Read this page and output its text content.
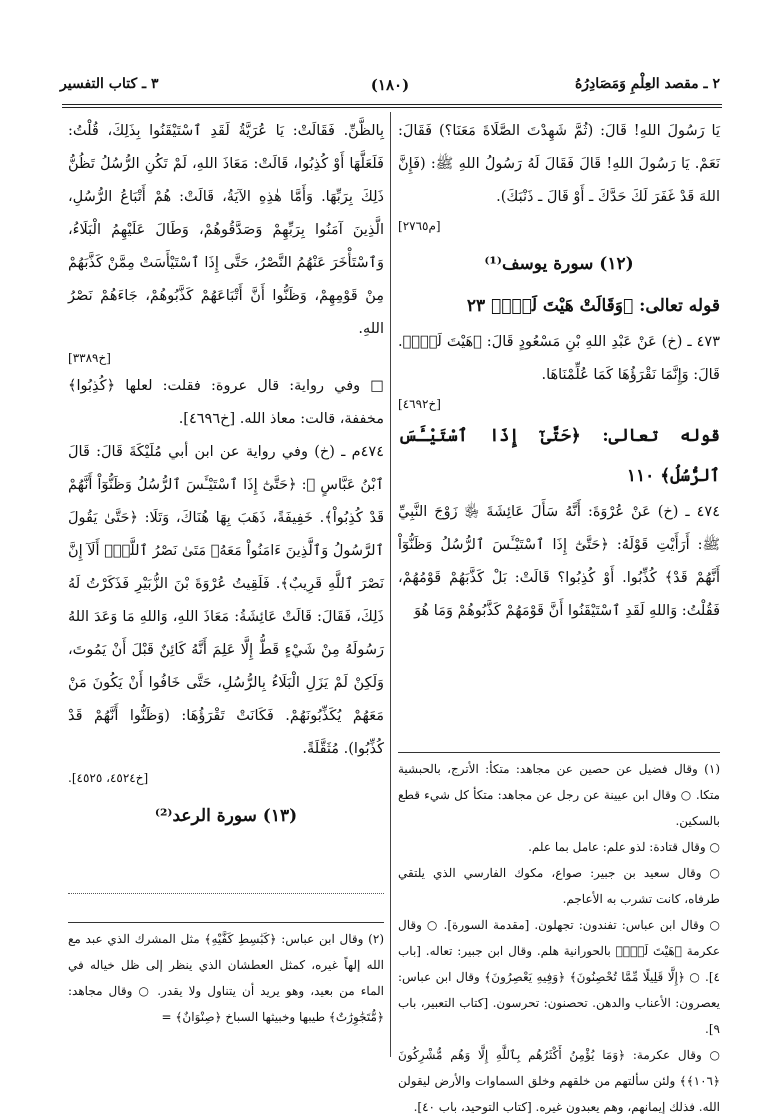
٢ ـ مقصد العِلْمِ وَمَصَادِرُهُ
(١٨٠)
٣ ـ كتاب التفسير

يَا رَسُولَ اللهِ! قَالَ: (ثُمَّ شَهِدْتَ الصَّلَاةَ مَعَنَا؟) فَقَالَ: نَعَمْ. يَا رَسُولَ اللهِ! قَالَ فَقَالَ لَهُ رَسُولُ اللهِ ﷺ: (فَإِنَّ اللهَ قَدْ غَفَرَ لَكَ حَدَّكَ ـ أَوْ قَالَ ـ ذَنْبَكَ).

[م٢٧٦٥]
(١٢) سورة يوسف⁽¹⁾

قوله تعالى: ﴿وَقَالَتْ هَيْتَ لَكَۚ﴾ ٢٣

٤٧٣ ـ (خ) عَنْ عَبْدِ اللهِ بْنِ مَسْعُودٍ قَالَ: ﴿هَيْتَ لَكَۚ﴾. قَالَ: وَإِنَّمَا نَقْرَؤُهَا كَمَا عُلِّمْنَاهَا.

[خ٤٦٩٢]

قوله تعالى: ﴿حَتَّىٰٓ إِذَا ٱسْتَيْـَٔسَ ٱلرُّسُلُ﴾ ١١٠

٤٧٤ ـ (خ) عَنْ عُرْوَةَ: أَنَّهُ سَأَلَ عَائِشَةَ ﵂ زَوْجَ النَّبِيِّ ﷺ: أَرَأَيْتِ قَوْلَهُ: ﴿حَتَّىٰٓ إِذَا ٱسْتَيْـَٔسَ ٱلرُّسُلُ وَظَنُّوٓاْ أَنَّهُمْ قَدْ﴾ كُذِّبُوا. أَوْ كُذِبُوا؟ قَالَتْ: بَلْ كَذَّبَهُمْ قَوْمُهُمْ، فَقُلْتُ: وَاللهِ لَقَدِ ٱسْتَيْقَنُوا أَنَّ قَوْمَهُمْ كَذَّبُوهُمْ وَمَا هُوَ

(١) وقال فضيل عن حصين عن مجاهد: متكأ: الأترج، بالحبشية متكا. ○ وقال ابن عيينة عن رجل عن مجاهد: متكأ كل شيء قطع بالسكين.

○ وقال قتادة: لذو علم: عامل بما علم.

○ وقال سعيد بن جبير: صواع، مكوك الفارسي الذي يلتقي طرفاه، كانت تشرب به الأعاجم.

○ وقال ابن عباس: تفندون: تجهلون. [مقدمة السورة]. ○ وقال عكرمة ﴿هَيْتَ لَكَۚ﴾ بالحورانية هلم. وقال ابن جبير: تعاله. [باب ٤]. ○ ﴿إِلَّا قَلِيلًا مِّمَّا تُحْصِنُونَ﴾ ﴿وَفِيهِ يَعْصِرُونَ﴾ وقال ابن عباس: يعصرون: الأعناب والدهن. تحصنون: تحرسون. [كتاب التعبير، باب ٩].

○ وقال عكرمة: ﴿وَمَا يُؤْمِنُ أَكْثَرُهُم بِٱللَّهِ إِلَّا وَهُم مُّشْرِكُونَ ﴿١٠٦﴾﴾ ولئن سألتهم من خلقهم وخلق السماوات والأرض ليقولن الله. فذلك إيمانهم، وهم يعبدون غيره. [كتاب التوحيد، باب ٤٠].

بِالظَّنِّ. فَقَالَتْ: يَا عُرَيَّةُ لَقَدِ ٱسْتَيْقَنُوا بِذَلِكَ، قُلْتُ: فَلَعَلَّهَا أَوْ كُذِبُوا، قَالَتْ: مَعَاذَ اللهِ، لَمْ تَكُنِ الرُّسُلُ تَظُنُّ ذَلِكَ بِرَبِّهَا. وَأَمَّا هٰذِهِ الآيَةُ، قَالَتْ: هُمْ أَتْبَاعُ الرُّسُلِ، الَّذِينَ آمَنُوا بِرَبِّهِمْ وَصَدَّقُوهُمْ، وَطَالَ عَلَيْهِمُ الْبَلَاءُ، وَٱسْتَأْخَرَ عَنْهُمُ النَّصْرُ، حَتَّى إِذَا ٱسْتَيْأَسَتْ مِمَّنْ كَذَّبَهُمْ مِنْ قَوْمِهِمْ، وَظَنُّوا أَنَّ أَتْبَاعَهُمْ كَذَّبُوهُمْ، جَاءَهُمْ نَصْرُ اللهِ.

[خ٣٣٨٩]

□ وفي رواية: قال عروة: فقلت: لعلها ﴿كُذِبُوا﴾ مخففة، قالت: معاذ الله. [خ٤٦٩٦].

٤٧٤م ـ (خ) وفي رواية عن ابن أبي مُلَيْكَةَ قَالَ: قَالَ ٱبْنُ عَبَّاسٍ ﵄: ﴿حَتَّىٰٓ إِذَا ٱسْتَيْـَٔسَ ٱلرُّسُلُ وَظَنُّوٓاْ أَنَّهُمْ قَدْ كُذِبُواْ﴾. خَفِيفَةً، ذَهَبَ بِهَا هُنَاكَ، وَتَلَا: ﴿حَتَّىٰ يَقُولَ ٱلرَّسُولُ وَٱلَّذِينَ ءَامَنُواْ مَعَهُۥ مَتَىٰ نَصْرُ ٱللَّهِۗ أَلَآ إِنَّ نَصْرَ ٱللَّهِ قَرِيبٌ﴾. فَلَقِيتُ عُرْوَةَ بْنَ الزُّبَيْرِ فَذَكَرْتُ لَهُ ذَلِكَ، فَقَالَ: قَالَتْ عَائِشَةُ: مَعَاذَ اللهِ، وَاللهِ مَا وَعَدَ اللهُ رَسُولَهُ مِنْ شَيْءٍ قَطُّ إِلَّا عَلِمَ أَنَّهُ كَائِنٌ قَبْلَ أَنْ يَمُوتَ، وَلَكِنْ لَمْ يَزَلِ الْبَلَاءُ بِالرُّسُلِ، حَتَّى خَافُوا أَنْ يَكُونَ مَنْ مَعَهُمْ يُكَذِّبُونَهُمْ. فَكَانَتْ تَقْرَؤُهَا: (وَظَنُّوا أَنَّهُمْ قَدْ كُذِّبُوا). مُثَقَّلَةً.

[خ٤٥٢٤، ٤٥٢٥].
(١٣) سورة الرعد⁽²⁾

(٢) وقال ابن عباس: ﴿كَبَٰسِطِ كَفَّيْهِ﴾ مثل المشرك الذي عبد مع الله إلهاً غيره، كمثل العطشان الذي ينظر إلى ظل خياله في الماء من بعيد، وهو يريد أن يتناول ولا يقدر. ○ وقال مجاهد: ﴿مُّتَجَٰوِرَٰتٌ﴾ طيبها وخبيثها السباخ ﴿صِنْوَانٌ﴾ =
